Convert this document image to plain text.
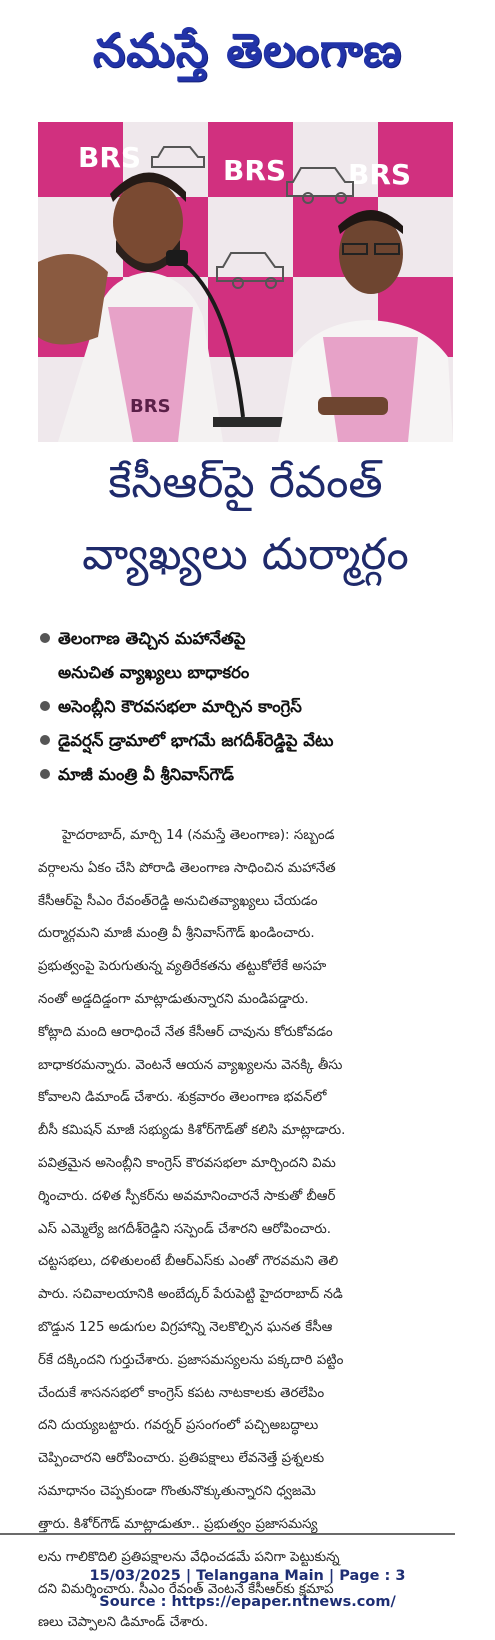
నమస్తే తెలంగాణ
BRS	BRS BRS
BRS
కేసీఆర్‌పై రేవంత్
వ్యాఖ్యలు దుర్మార్గం
తెలంగాణ తెచ్చిన మహానేతపై
అనుచిత వ్యాఖ్యలు బాధాకరం
అసెంబ్లీని కౌరవసభలా మార్చిన కాంగ్రెస్
డైవర్షన్ డ్రామాలో భాగమే జగదీశ్‌రెడ్డిపై వేటు
మాజీ మంత్రి వీ శ్రీనివాస్‌గౌడ్
హైదరాబాద్, మార్చి 14 (నమస్తే తెలంగాణ): సబ్బండ
వర్గాలను ఏకం చేసి పోరాడి తెలంగాణ సాధించిన మహానేత
కేసీఆర్‌పై సీఎం రేవంత్‌రెడ్డి అనుచితవ్యాఖ్యలు చేయడం
దుర్మార్గమని మాజీ మంత్రి వీ శ్రీనివాస్‌గౌడ్ ఖండించారు.
ప్రభుత్వంపై పెరుగుతున్న వ్యతిరేకతను తట్టుకోలేకే అసహ
నంతో అడ్డదిడ్డంగా మాట్లాడుతున్నారని మండిపడ్డారు.
కోట్లాది మంది ఆరాధించే నేత కేసీఆర్ చావును కోరుకోవడం
బాధాకరమన్నారు. వెంటనే ఆయన వ్యాఖ్యలను వెనక్కి తీసు
కోవాలని డిమాండ్ చేశారు. శుక్రవారం తెలంగాణ భవన్‌లో
బీసీ కమిషన్ మాజీ సభ్యుడు కిశోర్‌గౌడ్‌తో కలిసి మాట్లాడారు.
పవిత్రమైన అసెంబ్లీని కాంగ్రెస్ కౌరవసభలా మార్చిందని విమ
ర్శించారు. దళిత స్పీకర్‌ను అవమానించారనే సాకుతో బీఆర్
ఎస్ ఎమ్మెల్యే జగదీశ్‌రెడ్డిని సస్పెండ్ చేశారని ఆరోపించారు.
చట్టసభలు, దళితులంటే బీఆర్‌ఎస్‌కు ఎంతో గౌరవమని తెలి
పారు. సచివాలయానికి అంబేద్కర్ పేరుపెట్టి హైదరాబాద్ నడి
బొడ్డున 125 అడుగుల విగ్రహాన్ని నెలకొల్పిన ఘనత కేసీఆ
ర్‌కే దక్కిందని గుర్తుచేశారు. ప్రజాసమస్యలను పక్కదారి పట్టిం
చేందుకే శాసనసభలో కాంగ్రెస్ కపట నాటకాలకు తెరలేపిం
దని దుయ్యబట్టారు. గవర్నర్ ప్రసంగంలో పచ్చిఅబద్ధాలు
చెప్పించారని ఆరోపించారు. ప్రతిపక్షాలు లేవనెత్తే ప్రశ్నలకు
సమాధానం చెప్పకుండా గొంతునొక్కుతున్నారని ధ్వజమె
త్తారు. కిశోర్‌గౌడ్ మాట్లాడుతూ.. ప్రభుత్వం ప్రజాసమస్య
లను గాలికొదిలి ప్రతిపక్షాలను వేధించడమే పనిగా పెట్టుకున్న
దని విమర్శించారు. సీఎం రేవంత్ వెంటనే కేసీఆర్‌కు క్షమాప
ణలు చెప్పాలని డిమాండ్ చేశారు.
15/03/2025 | Telangana Main | Page : 3
Source : https://epaper.ntnews.com/
